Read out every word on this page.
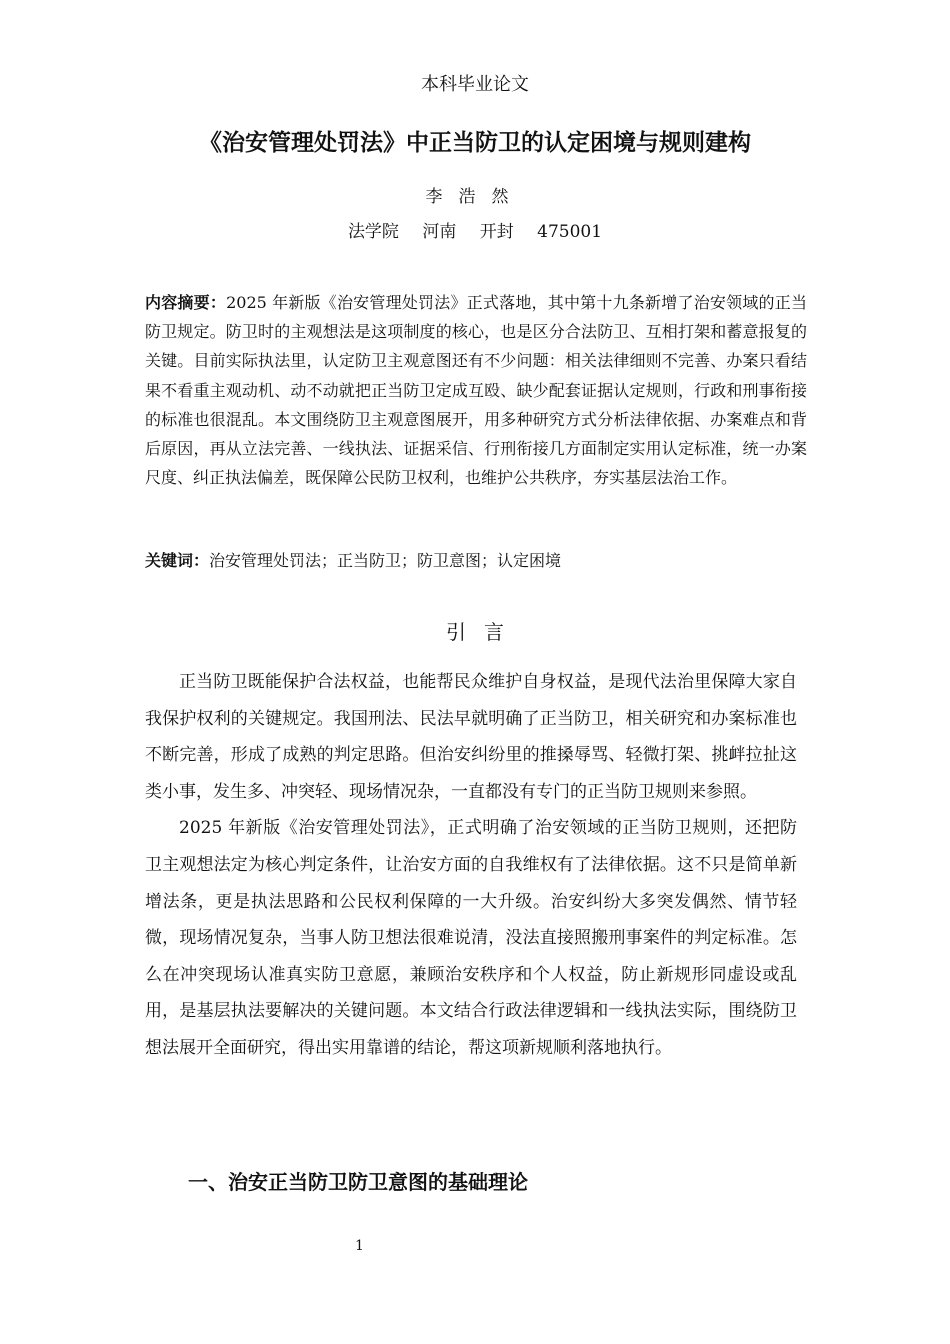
本科毕业论文
《治安管理处罚法》中正当防卫的认定困境与规则建构
李浩然
法学院 河南 开封 475001
内容摘要：2025 年新版《治安管理处罚法》正式落地，其中第十九条新增了治安领域的正当防卫规定。防卫时的主观想法是这项制度的核心，也是区分合法防卫、互相打架和蓄意报复的关键。目前实际执法里，认定防卫主观意图还有不少问题：相关法律细则不完善、办案只看结果不看重主观动机、动不动就把正当防卫定成互殴、缺少配套证据认定规则，行政和刑事衔接的标准也很混乱。本文围绕防卫主观意图展开，用多种研究方式分析法律依据、办案难点和背后原因，再从立法完善、一线执法、证据采信、行刑衔接几方面制定实用认定标准，统一办案尺度、纠正执法偏差，既保障公民防卫权利，也维护公共秩序，夯实基层法治工作。
关键词：治安管理处罚法；正当防卫；防卫意图；认定困境
引言

正当防卫既能保护合法权益，也能帮民众维护自身权益，是现代法治里保障大家自我保护权利的关键规定。我国刑法、民法早就明确了正当防卫，相关研究和办案标准也不断完善，形成了成熟的判定思路。但治安纠纷里的推搡辱骂、轻微打架、挑衅拉扯这类小事，发生多、冲突轻、现场情况杂，一直都没有专门的正当防卫规则来参照。

2025 年新版《治安管理处罚法》，正式明确了治安领域的正当防卫规则，还把防卫主观想法定为核心判定条件，让治安方面的自我维权有了法律依据。这不只是简单新增法条，更是执法思路和公民权利保障的一大升级。治安纠纷大多突发偶然、情节轻微，现场情况复杂，当事人防卫想法很难说清，没法直接照搬刑事案件的判定标准。怎么在冲突现场认准真实防卫意愿，兼顾治安秩序和个人权益，防止新规形同虚设或乱用，是基层执法要解决的关键问题。本文结合行政法律逻辑和一线执法实际，围绕防卫想法展开全面研究，得出实用靠谱的结论，帮这项新规顺利落地执行。

一、治安正当防卫防卫意图的基础理论
1
